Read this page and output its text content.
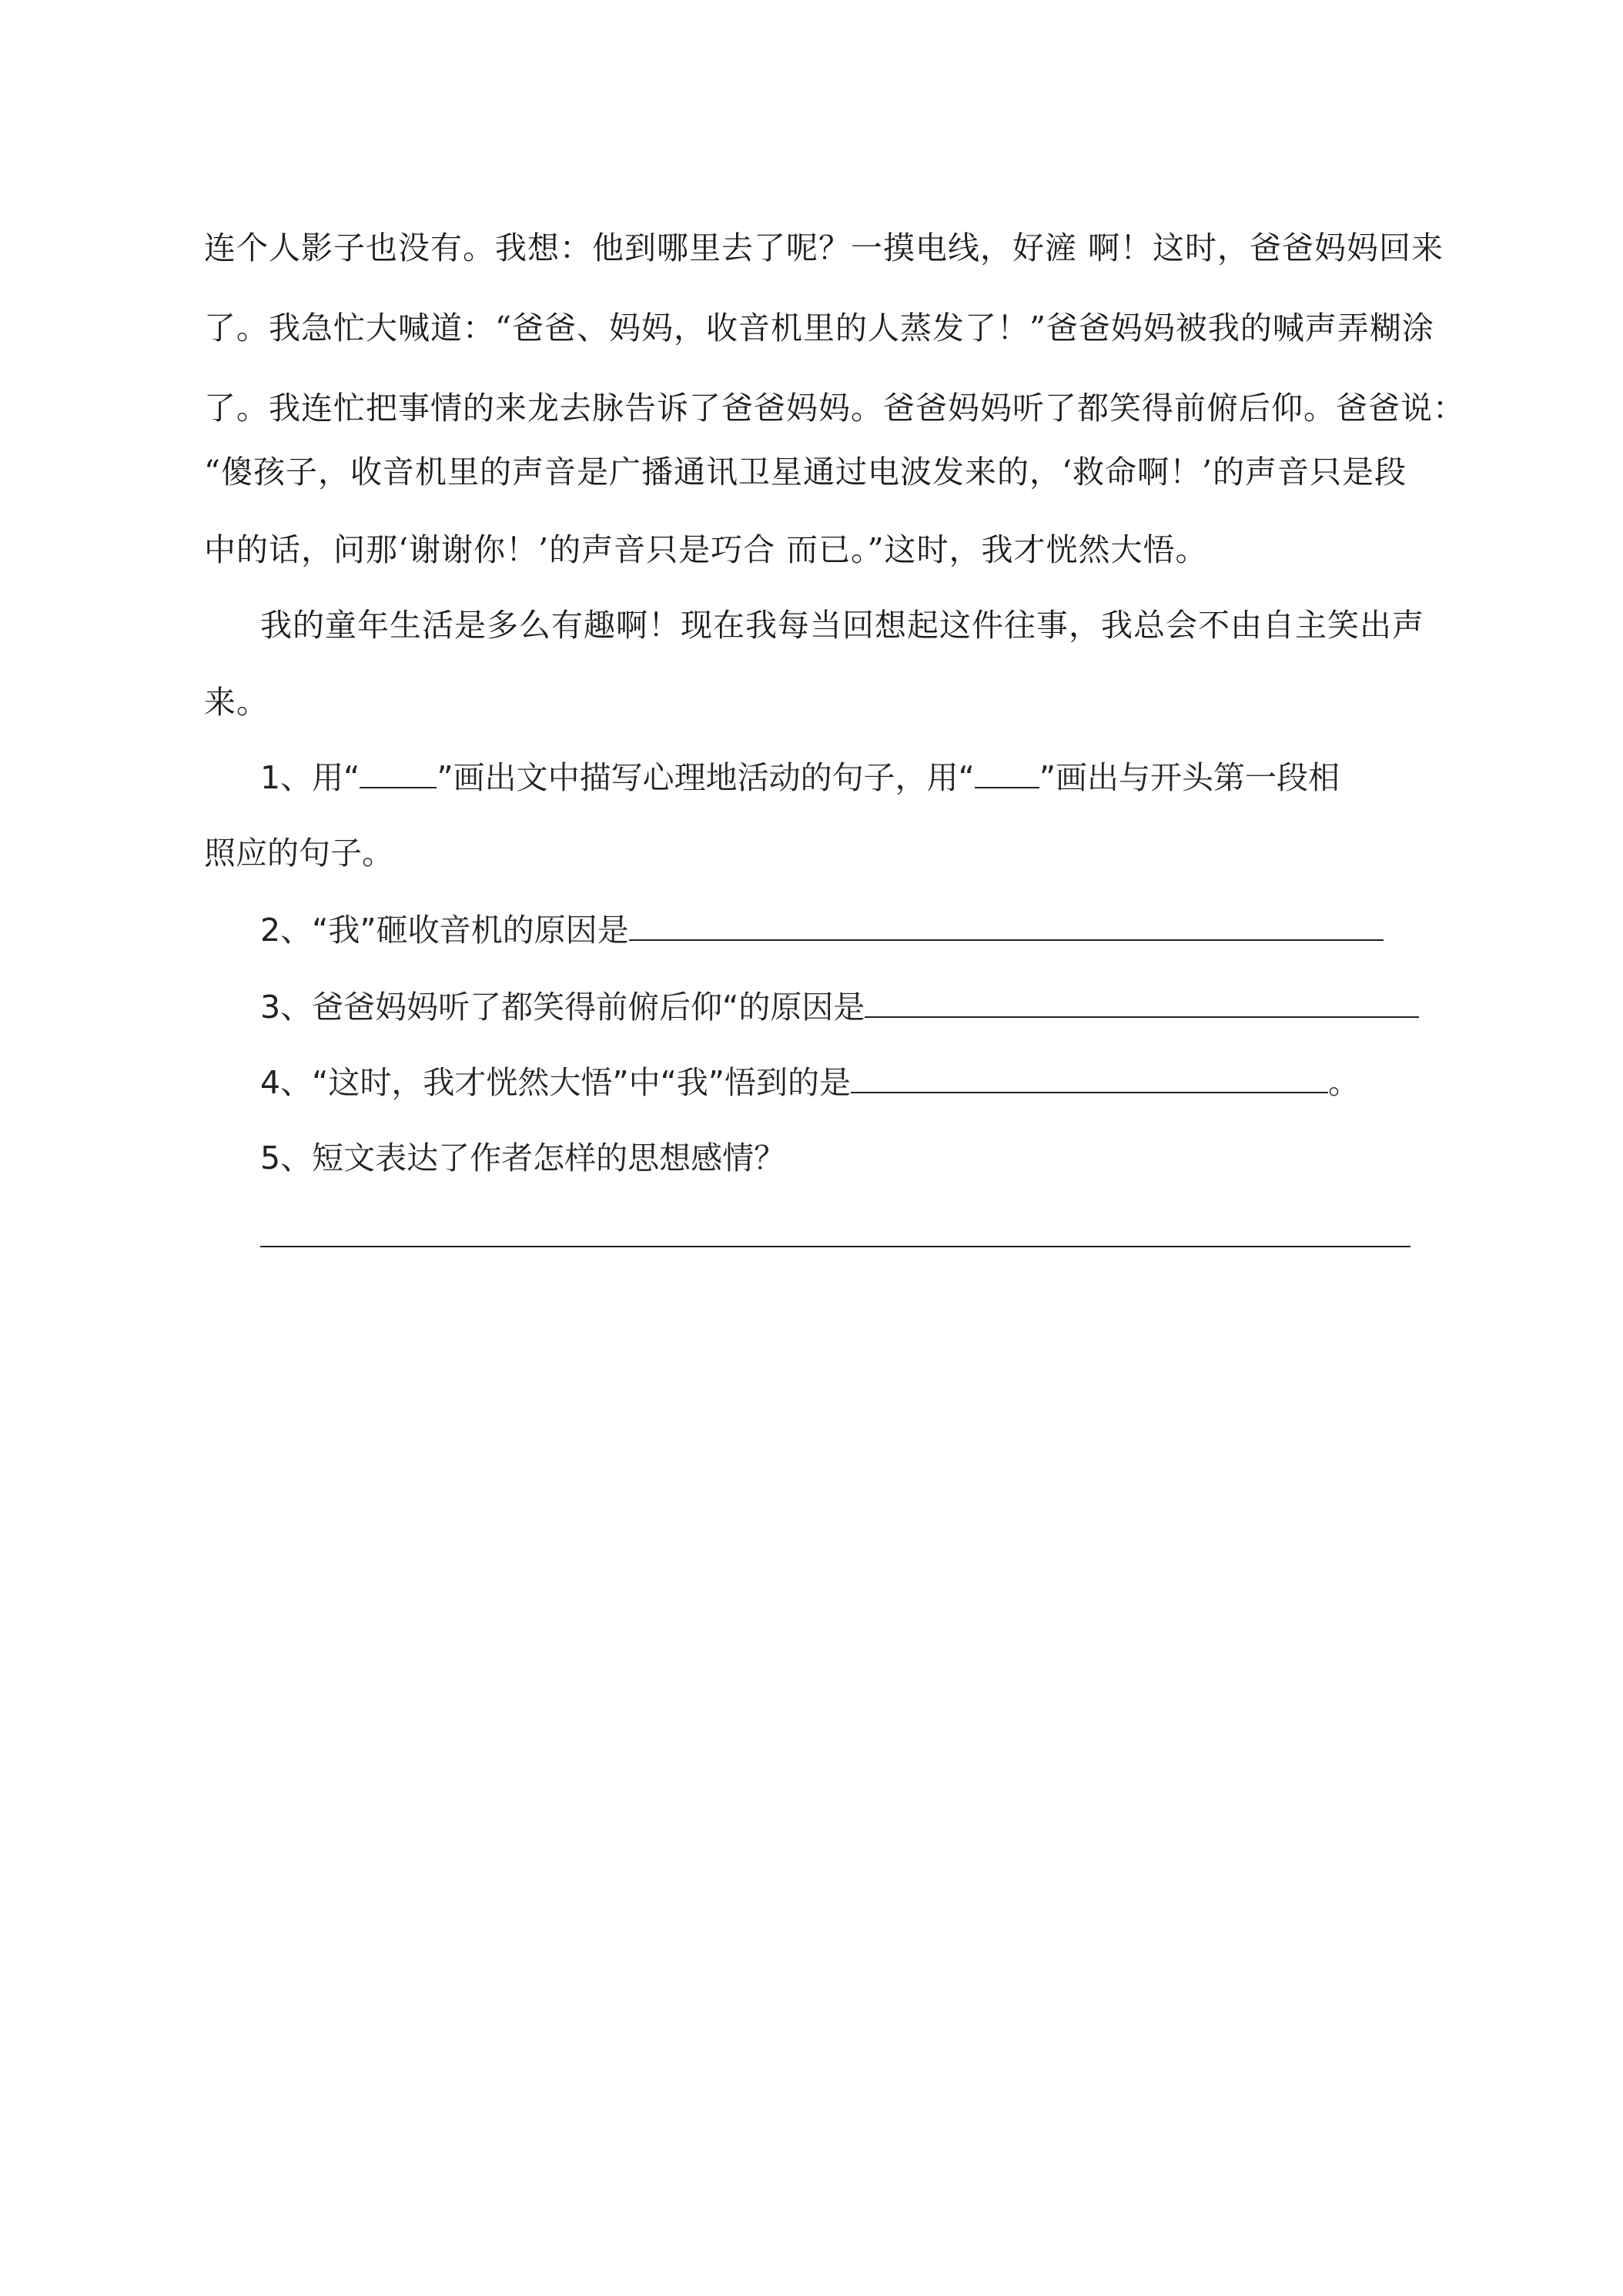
连个人影子也没有。我想：他到哪里去了呢？一摸电线，好滻 啊！这时，爸爸妈妈回来
了。我急忙大喊道：“爸爸、妈妈，收音机里的人蒸发了！”爸爸妈妈被我的喊声弄糊涂
了。我连忙把事情的来龙去脉告诉了爸爸妈妈。爸爸妈妈听了都笑得前俯后仰。爸爸说：
“傻孩子，收音机里的声音是广播通讯卫星通过电波发来的，‘救命啊！’的声音只是段
中的话，问那‘谢谢你！’的声音只是巧合 而已。”这时，我才恍然大悟。
我的童年生活是多么有趣啊！现在我每当回想起这件往事，我总会不由自主笑出声
来。
1、用“ ”画出文中描写心理地活动的句子，用“ ”画出与开头第一段相
照应的句子。
2、“我”砸收音机的原因是
3、爸爸妈妈听了都笑得前俯后仰“的原因是
4、“这时，我才恍然大悟”中“我”悟到的是	。
5、短文表达了作者怎样的思想感情？
